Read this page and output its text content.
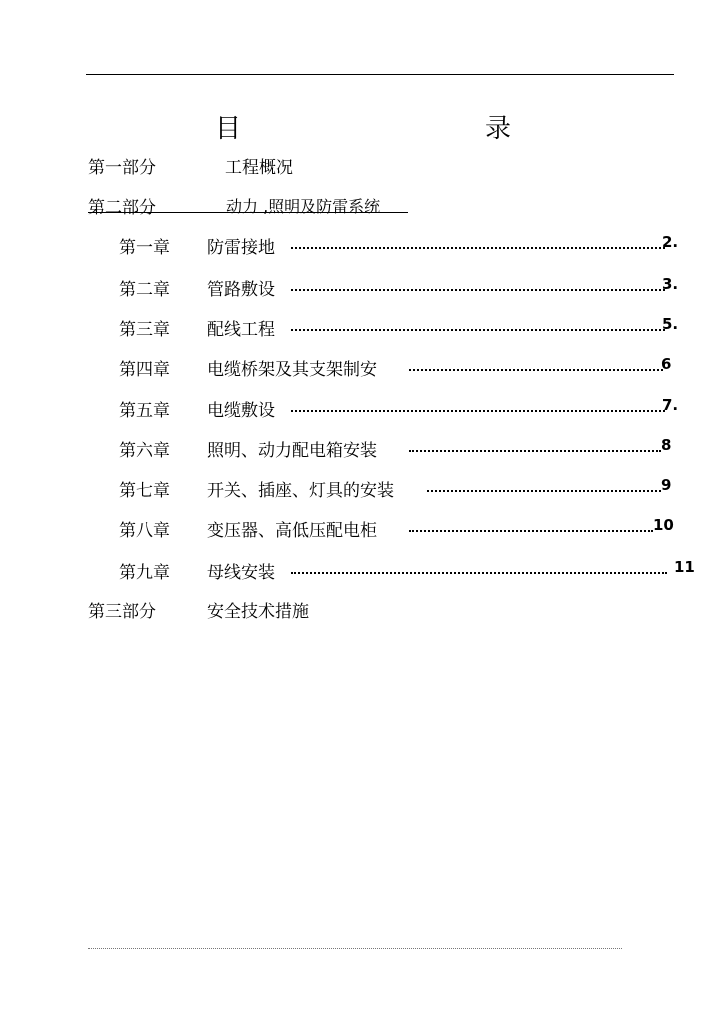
目　　录
第一部分	工程概况
第二部分	动力 ,照明及防雷系统
第一章 防雷接地	2.
第二章 管路敷设	3.
第三章 配线工程	5.
第四章 电缆桥架及其支架制安	6
第五章 电缆敷设	7.
第六章 照明、动力配电箱安装	8
第七章 开关、插座、灯具的安装	9
第八章 变压器、高低压配电柜	10
第九章 母线安装	11
第三部分	安全技术措施
